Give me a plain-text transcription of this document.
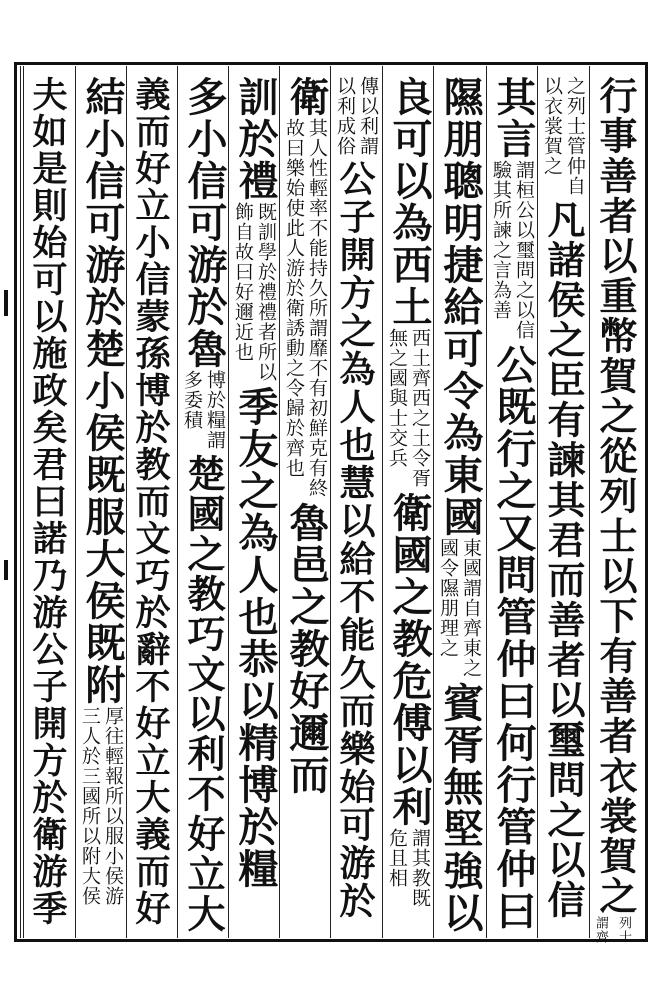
行事善者以重幣賀之從列士以下有善者衣裳賀之
列士
謂齊
之列士管仲自
以衣裳賀之
凡諸侯之臣有諫其君而善者以璽問之以信
其言
謂桓公以璽問之以信
驗其所諫之言為善
公既行之又問管仲曰何行管仲曰
隰朋聰明捷給可令為東國
東國謂自齊東之
國令隰朋理之
賓胥無堅強以
良可以為西土
西土齊西之土令胥
無之國與士交兵
衛國之教危傅以利
謂其教既
危且相
傳以利謂
以利成俗
公子開方之為人也慧以給不能久而樂始可游於
衛
其人性輕率不能持久所謂靡不有初鮮克有終
故曰樂始使此人游於衛誘動之令歸於齊也
魯邑之教好邇而
訓於禮
既訓學於禮禮者所以
飾自故曰好邇近也
季友之為人也恭以精博於糧
多小信可游於魯
博於糧謂
多委積
楚國之教巧文以利不好立大
義而好立小信蒙孫博於教而文巧於辭不好立大義而好
結小信可游於楚小侯既服大侯既附
厚往輕報所以服小侯游
三人於三國所以附大侯
夫如是則始可以施政矣君曰諾乃游公子開方於衛游季
